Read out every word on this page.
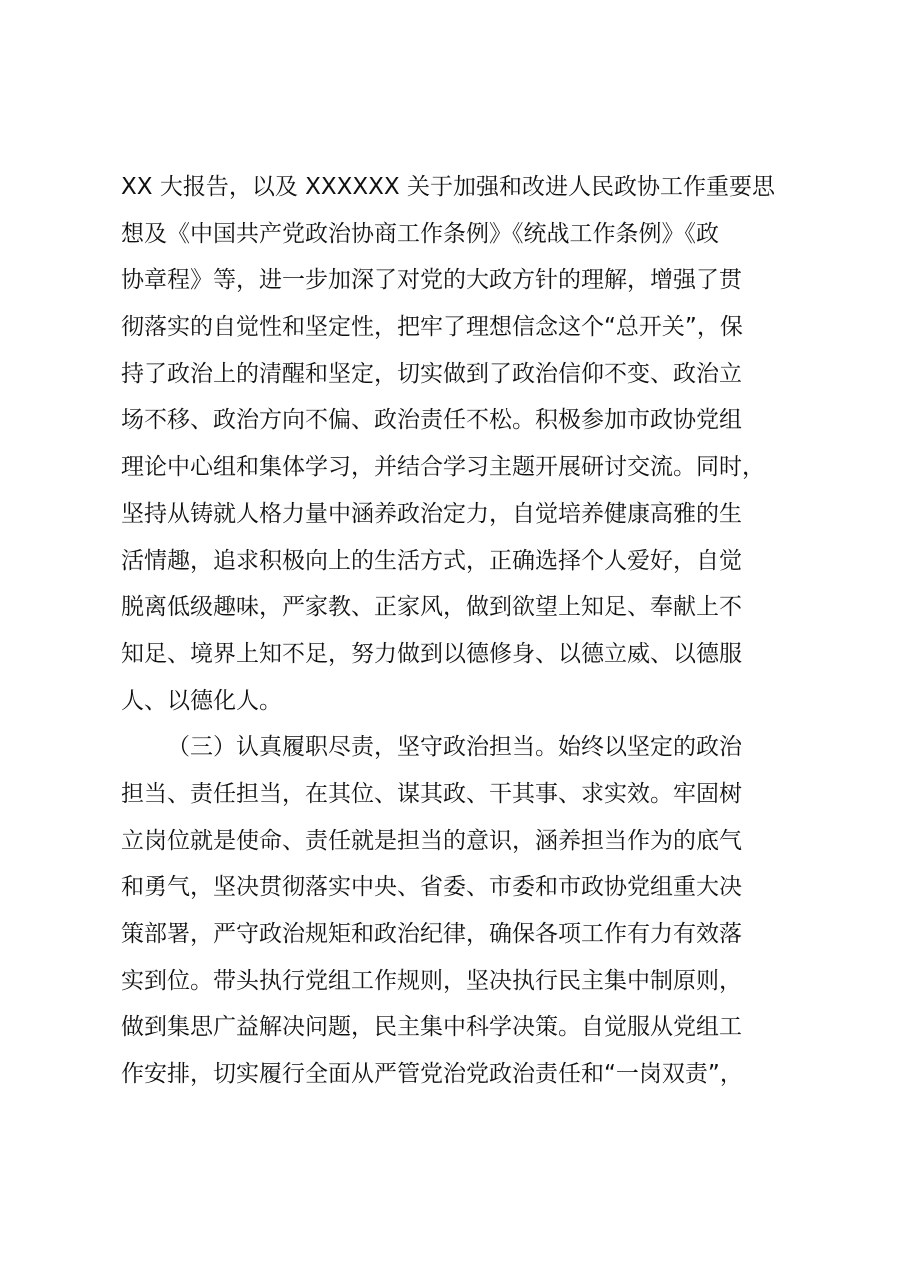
XX 大报告，以及 XXXXXX 关于加强和改进人民政协工作重要思
想及《中国共产党政治协商工作条例》《统战工作条例》《政
协章程》等，进一步加深了对党的大政方针的理解，增强了贯
彻落实的自觉性和坚定性，把牢了理想信念这个“总开关”，保
持了政治上的清醒和坚定，切实做到了政治信仰不变、政治立
场不移、政治方向不偏、政治责任不松。积极参加市政协党组
理论中心组和集体学习，并结合学习主题开展研讨交流。同时，
坚持从铸就人格力量中涵养政治定力，自觉培养健康高雅的生
活情趣，追求积极向上的生活方式，正确选择个人爱好，自觉
脱离低级趣味，严家教、正家风，做到欲望上知足、奉献上不
知足、境界上知不足，努力做到以德修身、以德立威、以德服
人、以德化人。
（三）认真履职尽责，坚守政治担当。始终以坚定的政治
担当、责任担当，在其位、谋其政、干其事、求实效。牢固树
立岗位就是使命、责任就是担当的意识，涵养担当作为的底气
和勇气，坚决贯彻落实中央、省委、市委和市政协党组重大决
策部署，严守政治规矩和政治纪律，确保各项工作有力有效落
实到位。带头执行党组工作规则，坚决执行民主集中制原则，
做到集思广益解决问题，民主集中科学决策。自觉服从党组工
作安排，切实履行全面从严管党治党政治责任和“一岗双责”，
